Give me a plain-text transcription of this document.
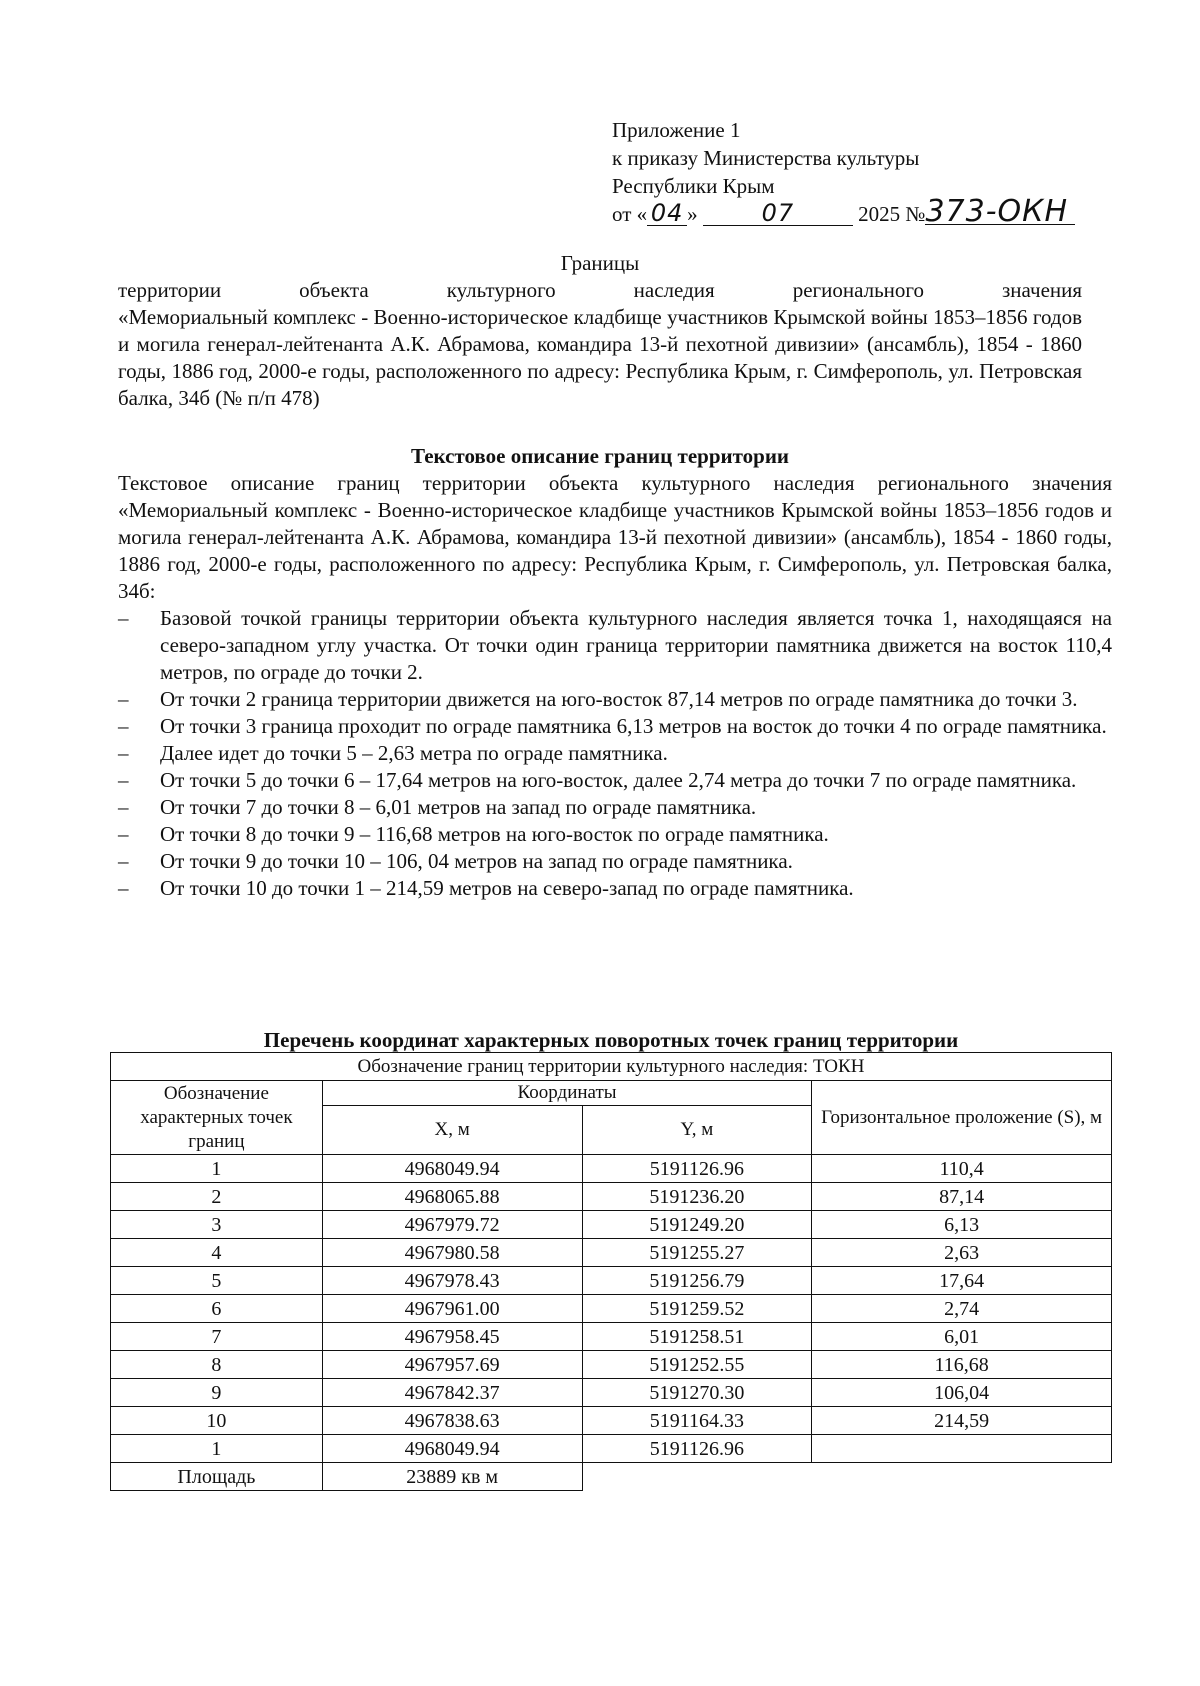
Приложение 1
к приказу Министерства культуры
Республики Крым
от « 04 »	07	2025 №373-ОКН
Границы
территории	объекта	культурного	наследия	регионального	значения
«Мемориальный комплекс - Военно-историческое кладбище участников Крымской войны 1853–1856 годов и могила генерал-лейтенанта А.К. Абрамова, командира 13-й пехотной дивизии» (ансамбль), 1854 - 1860 годы, 1886 год, 2000-е годы, расположенного по адресу: Республика Крым, г. Симферополь, ул. Петровская балка, 34б (№ п/п 478)
Текстовое описание границ территории
Текстовое описание границ территории объекта культурного наследия регионального значения «Мемориальный комплекс - Военно-историческое кладбище участников Крымской войны 1853–1856 годов и могила генерал-лейтенанта А.К. Абрамова, командира 13-й пехотной дивизии» (ансамбль), 1854 - 1860 годы, 1886 год, 2000-е годы, расположенного по адресу: Республика Крым, г. Симферополь, ул. Петровская балка, 34б:
– Базовой точкой границы территории объекта культурного наследия является точка 1, находящаяся на северо-западном углу участка. От точки один граница территории памятника движется на восток 110,4 метров, по ограде до точки 2.
– От точки 2 граница территории движется на юго-восток 87,14 метров по ограде памятника до точки 3.
– От точки 3 граница проходит по ограде памятника 6,13 метров на восток до точки 4 по ограде памятника.
– Далее идет до точки 5 – 2,63 метра по ограде памятника.
– От точки 5 до точки 6 – 17,64 метров на юго-восток, далее 2,74 метра до точки 7 по ограде памятника.
– От точки 7 до точки 8 – 6,01 метров на запад по ограде памятника.
– От точки 8 до точки 9 – 116,68 метров на юго-восток по ограде памятника.
– От точки 9 до точки 10 – 106, 04 метров на запад по ограде памятника.
– От точки 10 до точки 1 – 214,59 метров на северо-запад по ограде памятника.
Перечень координат характерных поворотных точек границ территории
Обозначение границ территории культурного наследия: ТОКН			
Обозначение характерных точек границ	Координаты		Горизонтальное проложение (S), м
	X, м	Y, м	
1	4968049.94	5191126.96	110,4
2	4968065.88	5191236.20	87,14
3	4967979.72	5191249.20	6,13
4	4967980.58	5191255.27	2,63
5	4967978.43	5191256.79	17,64
6	4967961.00	5191259.52	2,74
7	4967958.45	5191258.51	6,01
8	4967957.69	5191252.55	116,68
9	4967842.37	5191270.30	106,04
10	4967838.63	5191164.33	214,59
1	4968049.94	5191126.96	
Площадь	23889 кв м		
